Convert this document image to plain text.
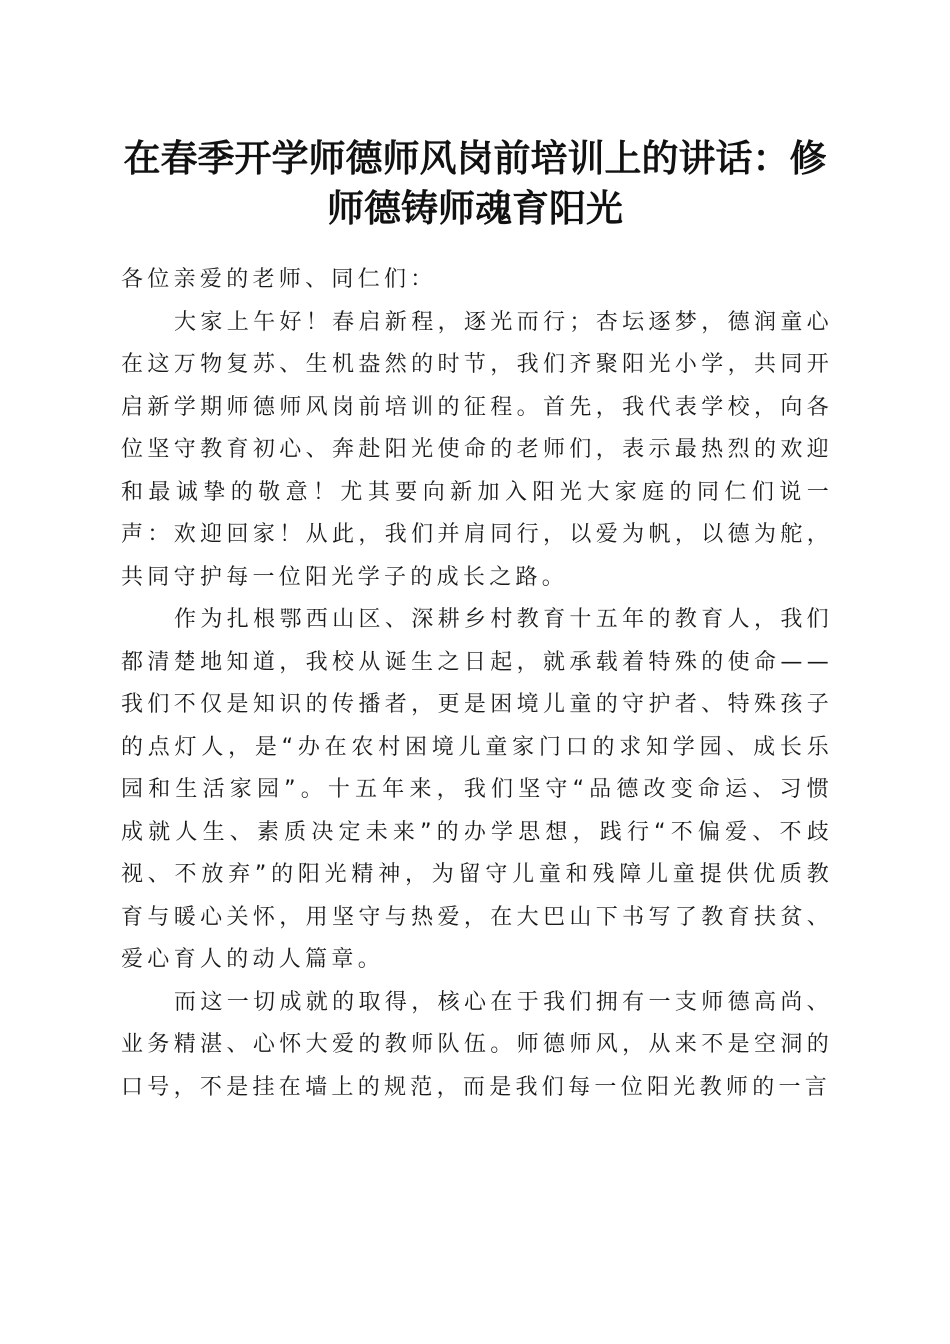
在春季开学师德师风岗前培训上的讲话：修师德铸师魂育阳光

各位亲爱的老师、同仁们：

大家上午好！春启新程，逐光而行；杏坛逐梦，德润童心在这万物复苏、生机盎然的时节，我们齐聚阳光小学，共同开启新学期师德师风岗前培训的征程。首先，我代表学校，向各位坚守教育初心、奔赴阳光使命的老师们，表示最热烈的欢迎和最诚挚的敬意！尤其要向新加入阳光大家庭的同仁们说一声：欢迎回家！从此，我们并肩同行，以爱为帆，以德为舵，共同守护每一位阳光学子的成长之路。

作为扎根鄂西山区、深耕乡村教育十五年的教育人，我们都清楚地知道，我校从诞生之日起，就承载着特殊的使命——我们不仅是知识的传播者，更是困境儿童的守护者、特殊孩子的点灯人，是“办在农村困境儿童家门口的求知学园、成长乐园和生活家园”。十五年来，我们坚守“品德改变命运、习惯成就人生、素质决定未来”的办学思想，践行“不偏爱、不歧视、不放弃”的阳光精神，为留守儿童和残障儿童提供优质教育与暖心关怀，用坚守与热爱，在大巴山下书写了教育扶贫、爱心育人的动人篇章。

而这一切成就的取得，核心在于我们拥有一支师德高尚、业务精湛、心怀大爱的教师队伍。师德师风，从来不是空洞的口号，不是挂在墙上的规范，而是我们每一位阳光教师的一言
